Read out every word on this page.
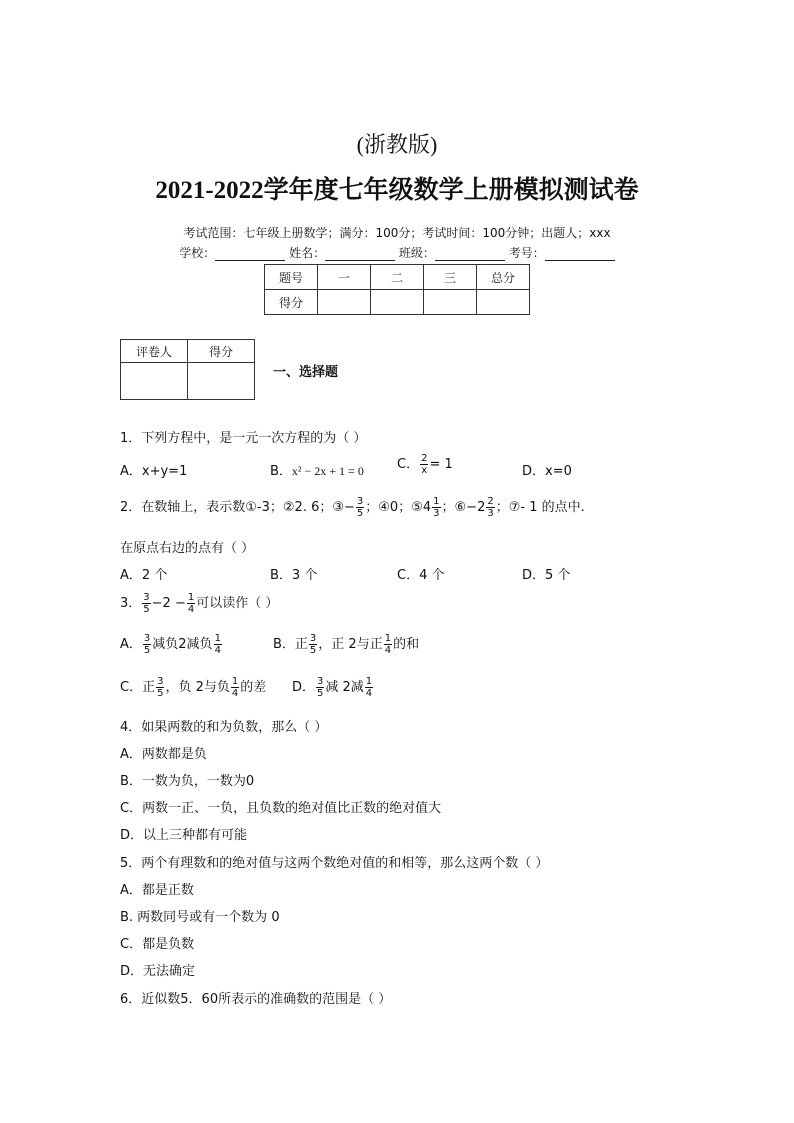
(浙教版)
2021-2022学年度七年级数学上册模拟测试卷
考试范围：七年级上册数学；满分：100分；考试时间：100分钟；出题人；xxx
学校：	姓名：	班级：	考号：
题号	一	二	三	总分
得分				
评卷人	得分

一、选择题
1．下列方程中，是一元一次方程的为（ ）
A．x+y=1	B．x² − 2x + 1 = 0	C． $\frac{2}{x} = 1$	D．x=0
2．在数轴上，表示数①-3；②2. 6；③− $\frac{3}{5}$ ；④0；⑤4 $\frac{1}{3}$ ；⑥−2 $\frac{2}{3}$ ；⑦- 1 的点中.
在原点右边的点有（ ）
A．2 个	B．3 个	C．4 个	D．5 个
3． $\frac{3}{5} -2 - \frac{1}{4}$ 可以读作（ ）
A． $\frac{3}{5}$ 减负2减负 $\frac{1}{4}$	B．正 $\frac{3}{5}$ ，正 2与正 $\frac{1}{4}$ 的和
C．正 $\frac{3}{5}$ ，负 2与负 $\frac{1}{4}$ 的差 D． $\frac{3}{5}$ 减 2减 $\frac{1}{4}$
4．如果两数的和为负数，那么（ ）
A．两数都是负
B．一数为负，一数为0
C．两数一正、一负，且负数的绝对值比正数的绝对值大
D．以上三种都有可能
5．两个有理数和的绝对值与这两个数绝对值的和相等，那么这两个数（ ）
A．都是正数
B. 两数同号或有一个数为 0
C．都是负数
D．无法确定
6．近似数5．60所表示的准确数的范围是（ ）
